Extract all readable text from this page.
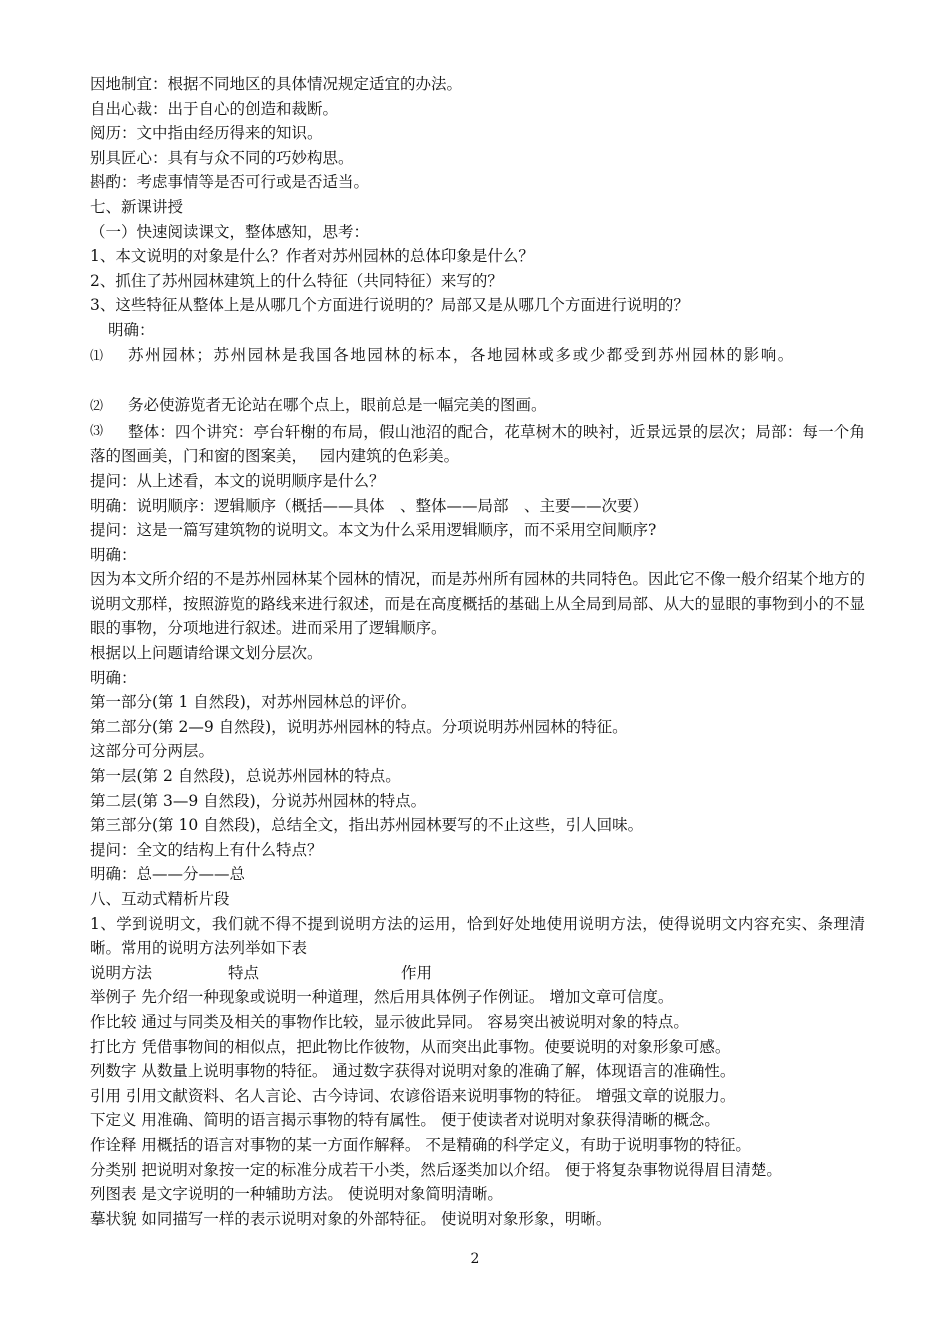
因地制宜：根据不同地区的具体情况规定适宜的办法。

自出心裁：出于自心的创造和裁断。

阅历：文中指由经历得来的知识。

别具匠心：具有与众不同的巧妙构思。

斟酌：考虑事情等是否可行或是否适当。

七、新课讲授

（一）快速阅读课文，整体感知，思考：

1、本文说明的对象是什么？作者对苏州园林的总体印象是什么？

2、抓住了苏州园林建筑上的什么特征（共同特征）来写的？

3、这些特征从整体上是从哪几个方面进行说明的？局部又是从哪几个方面进行说明的？

明确：

⑴ 苏州园林；苏州园林是我国各地园林的标本，各地园林或多或少都受到苏州园林的影响。

⑵ 务必使游览者无论站在哪个点上，眼前总是一幅完美的图画。

⑶	整体：四个讲究：亭台轩榭的布局，假山池沼的配合，花草树木的映衬，近景远景的层次；局部：每一个角落的图画美，门和窗的图案美，　 园内建筑的色彩美。

提问：从上述看，本文的说明顺序是什么？

明确：说明顺序：逻辑顺序（概括——具体　、整体——局部　、主要——次要）

提问：这是一篇写建筑物的说明文。本文为什么采用逻辑顺序，而不采用空间顺序?

明确：

因为本文所介绍的不是苏州园林某个园林的情况，而是苏州所有园林的共同特色。因此它不像一般介绍某个地方的说明文那样，按照游览的路线来进行叙述，而是在高度概括的基础上从全局到局部、从大的显眼的事物到小的不显眼的事物，分项地进行叙述。进而采用了逻辑顺序。

根据以上问题请给课文划分层次。

明确：

第一部分(第 1 自然段)，对苏州园林总的评价。

第二部分(第 2—9 自然段)，说明苏州园林的特点。分项说明苏州园林的特征。

这部分可分两层。

第一层(第 2 自然段)，总说苏州园林的特点。

第二层(第 3—9 自然段)，分说苏州园林的特点。

第三部分(第 10 自然段)，总结全文，指出苏州园林要写的不止这些，引人回味。

提问：全文的结构上有什么特点？

明确：总——分——总

八、互动式精析片段

1、学到说明文，我们就不得不提到说明方法的运用，恰到好处地使用说明方法，使得说明文内容充实、条理清晰。常用的说明方法列举如下表

说明方法	特点	作用

举例子 先介绍一种现象或说明一种道理，然后用具体例子作例证。 增加文章可信度。

作比较 通过与同类及相关的事物作比较，显示彼此异同。 容易突出被说明对象的特点。

打比方 凭借事物间的相似点，把此物比作彼物，从而突出此事物。使要说明的对象形象可感。

列数字 从数量上说明事物的特征。 通过数字获得对说明对象的准确了解，体现语言的准确性。

引用 引用文献资料、名人言论、古今诗词、农谚俗语来说明事物的特征。 增强文章的说服力。

下定义 用准确、简明的语言揭示事物的特有属性。 便于使读者对说明对象获得清晰的概念。

作诠释 用概括的语言对事物的某一方面作解释。 不是精确的科学定义，有助于说明事物的特征。

分类别 把说明对象按一定的标准分成若干小类，然后逐类加以介绍。 便于将复杂事物说得眉目清楚。

列图表 是文字说明的一种辅助方法。 使说明对象简明清晰。

摹状貌 如同描写一样的表示说明对象的外部特征。 使说明对象形象，明晰。

2
